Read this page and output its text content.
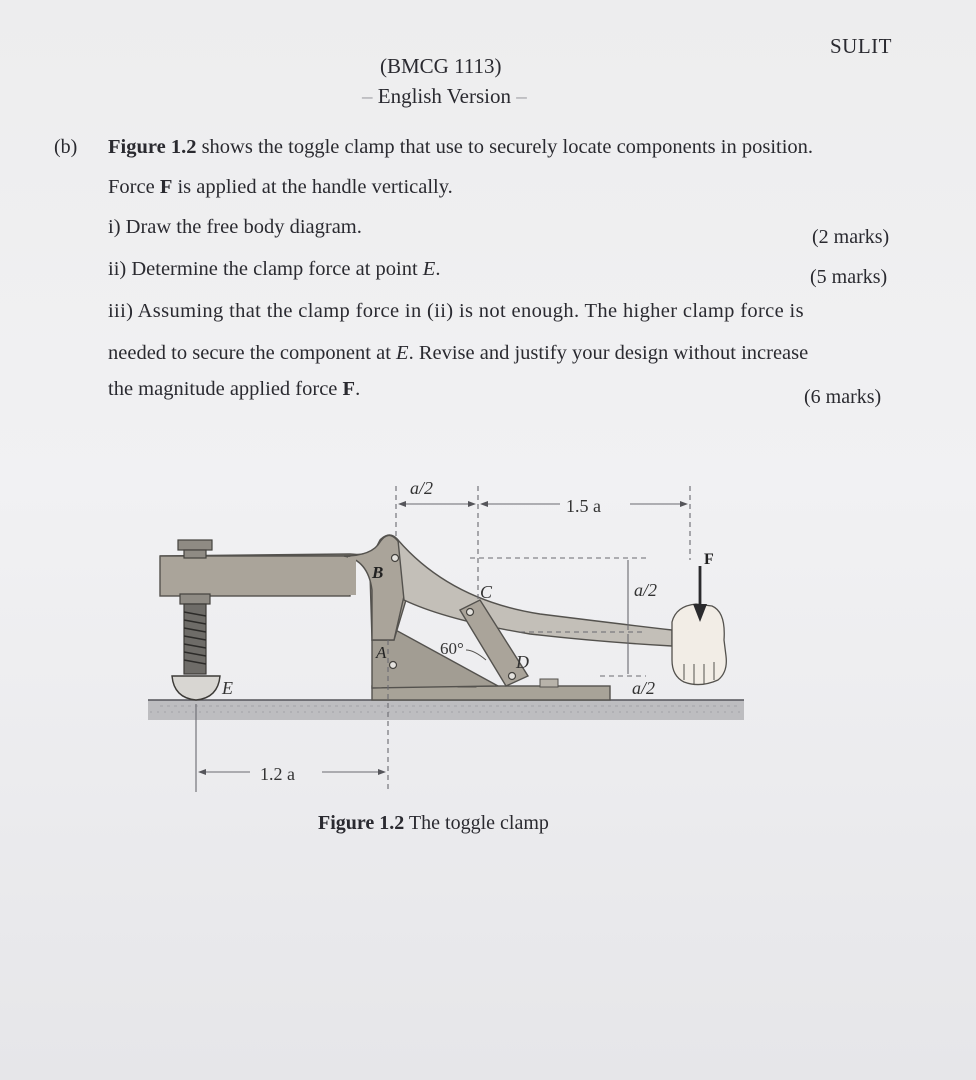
SULIT
(BMCG 1113)
– English Version –
(b) Figure 1.2 shows the toggle clamp that use to securely locate components in position.
Force F is applied at the handle vertically.
i) Draw the free body diagram.	(2 marks)
ii) Determine the clamp force at point E.	(5 marks)
iii) Assuming that the clamp force in (ii) is not enough. The higher clamp force is
needed to secure the component at E. Revise and justify your design without increase
the magnitude applied force F.	(6 marks)
a/2
1.5 a
a/2
a/2
1.2 a
B
C
A	D
E
F
60°
Figure 1.2 The toggle clamp
